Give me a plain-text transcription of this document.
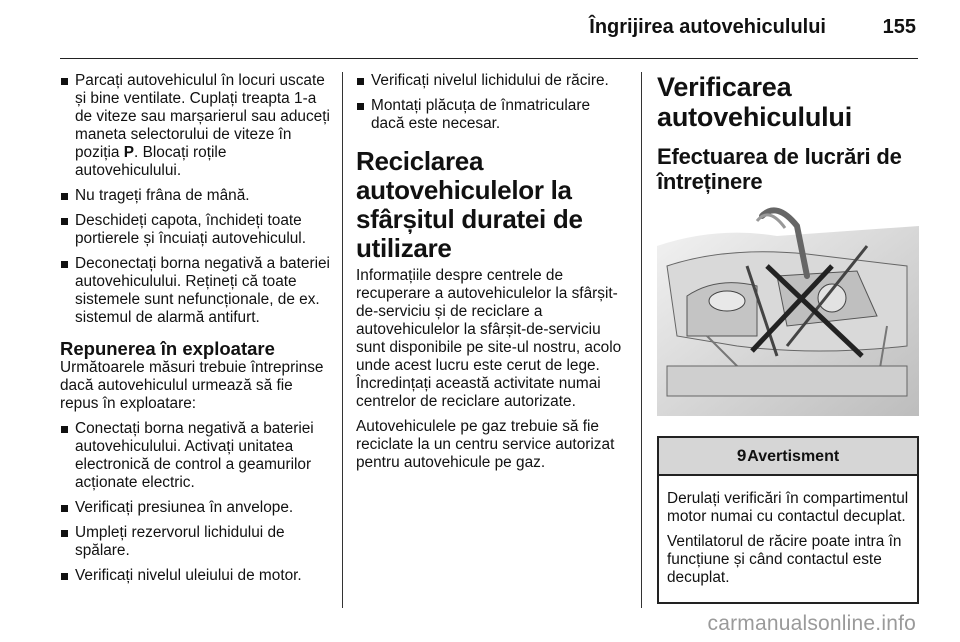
Îngrijirea autovehiculului	155
Parcați autovehiculul în locuri uscate și bine ventilate. Cuplați treapta 1-a de viteze sau marșarierul sau aduceți maneta selectorului de viteze în poziția P. Blocați roțile autovehiculului.
Nu trageți frâna de mână.
Deschideți capota, închideți toate portierele și încuiați autovehiculul.
Deconectați borna negativă a bateriei autovehiculului. Rețineți că toate sistemele sunt nefuncționale, de ex. sistemul de alarmă antifurt.
Repunerea în exploatare

Următoarele măsuri trebuie întreprinse dacă autovehiculul urmează să fie repus în exploatare:

Conectați borna negativă a bateriei autovehiculului. Activați unitatea electronică de control a geamurilor acționate electric.
Verificați presiunea în anvelope.
Umpleți rezervorul lichidului de spălare.
Verificați nivelul uleiului de motor.
Verificați nivelul lichidului de răcire.
Montați plăcuța de înmatriculare dacă este necesar.
Reciclarea autovehiculelor la sfârșitul duratei de utilizare

Informațiile despre centrele de recuperare a autovehiculelor la sfârșit-de-serviciu și de reciclare a autovehiculelor la sfârșit-de-serviciu sunt disponibile pe site-ul nostru, acolo unde acest lucru este cerut de lege. Încredințați această activitate numai centrelor de reciclare autorizate.

Autovehiculele pe gaz trebuie să fie reciclate la un centru service autorizat pentru autovehicule pe gaz.

Verificarea autovehiculului
Efectuarea de lucrări de întreținere
9Avertisment

Derulați verificări în compartimentul motor numai cu contactul decuplat.

Ventilatorul de răcire poate intra în funcțiune și când contactul este decuplat.

carmanualsonline.info
